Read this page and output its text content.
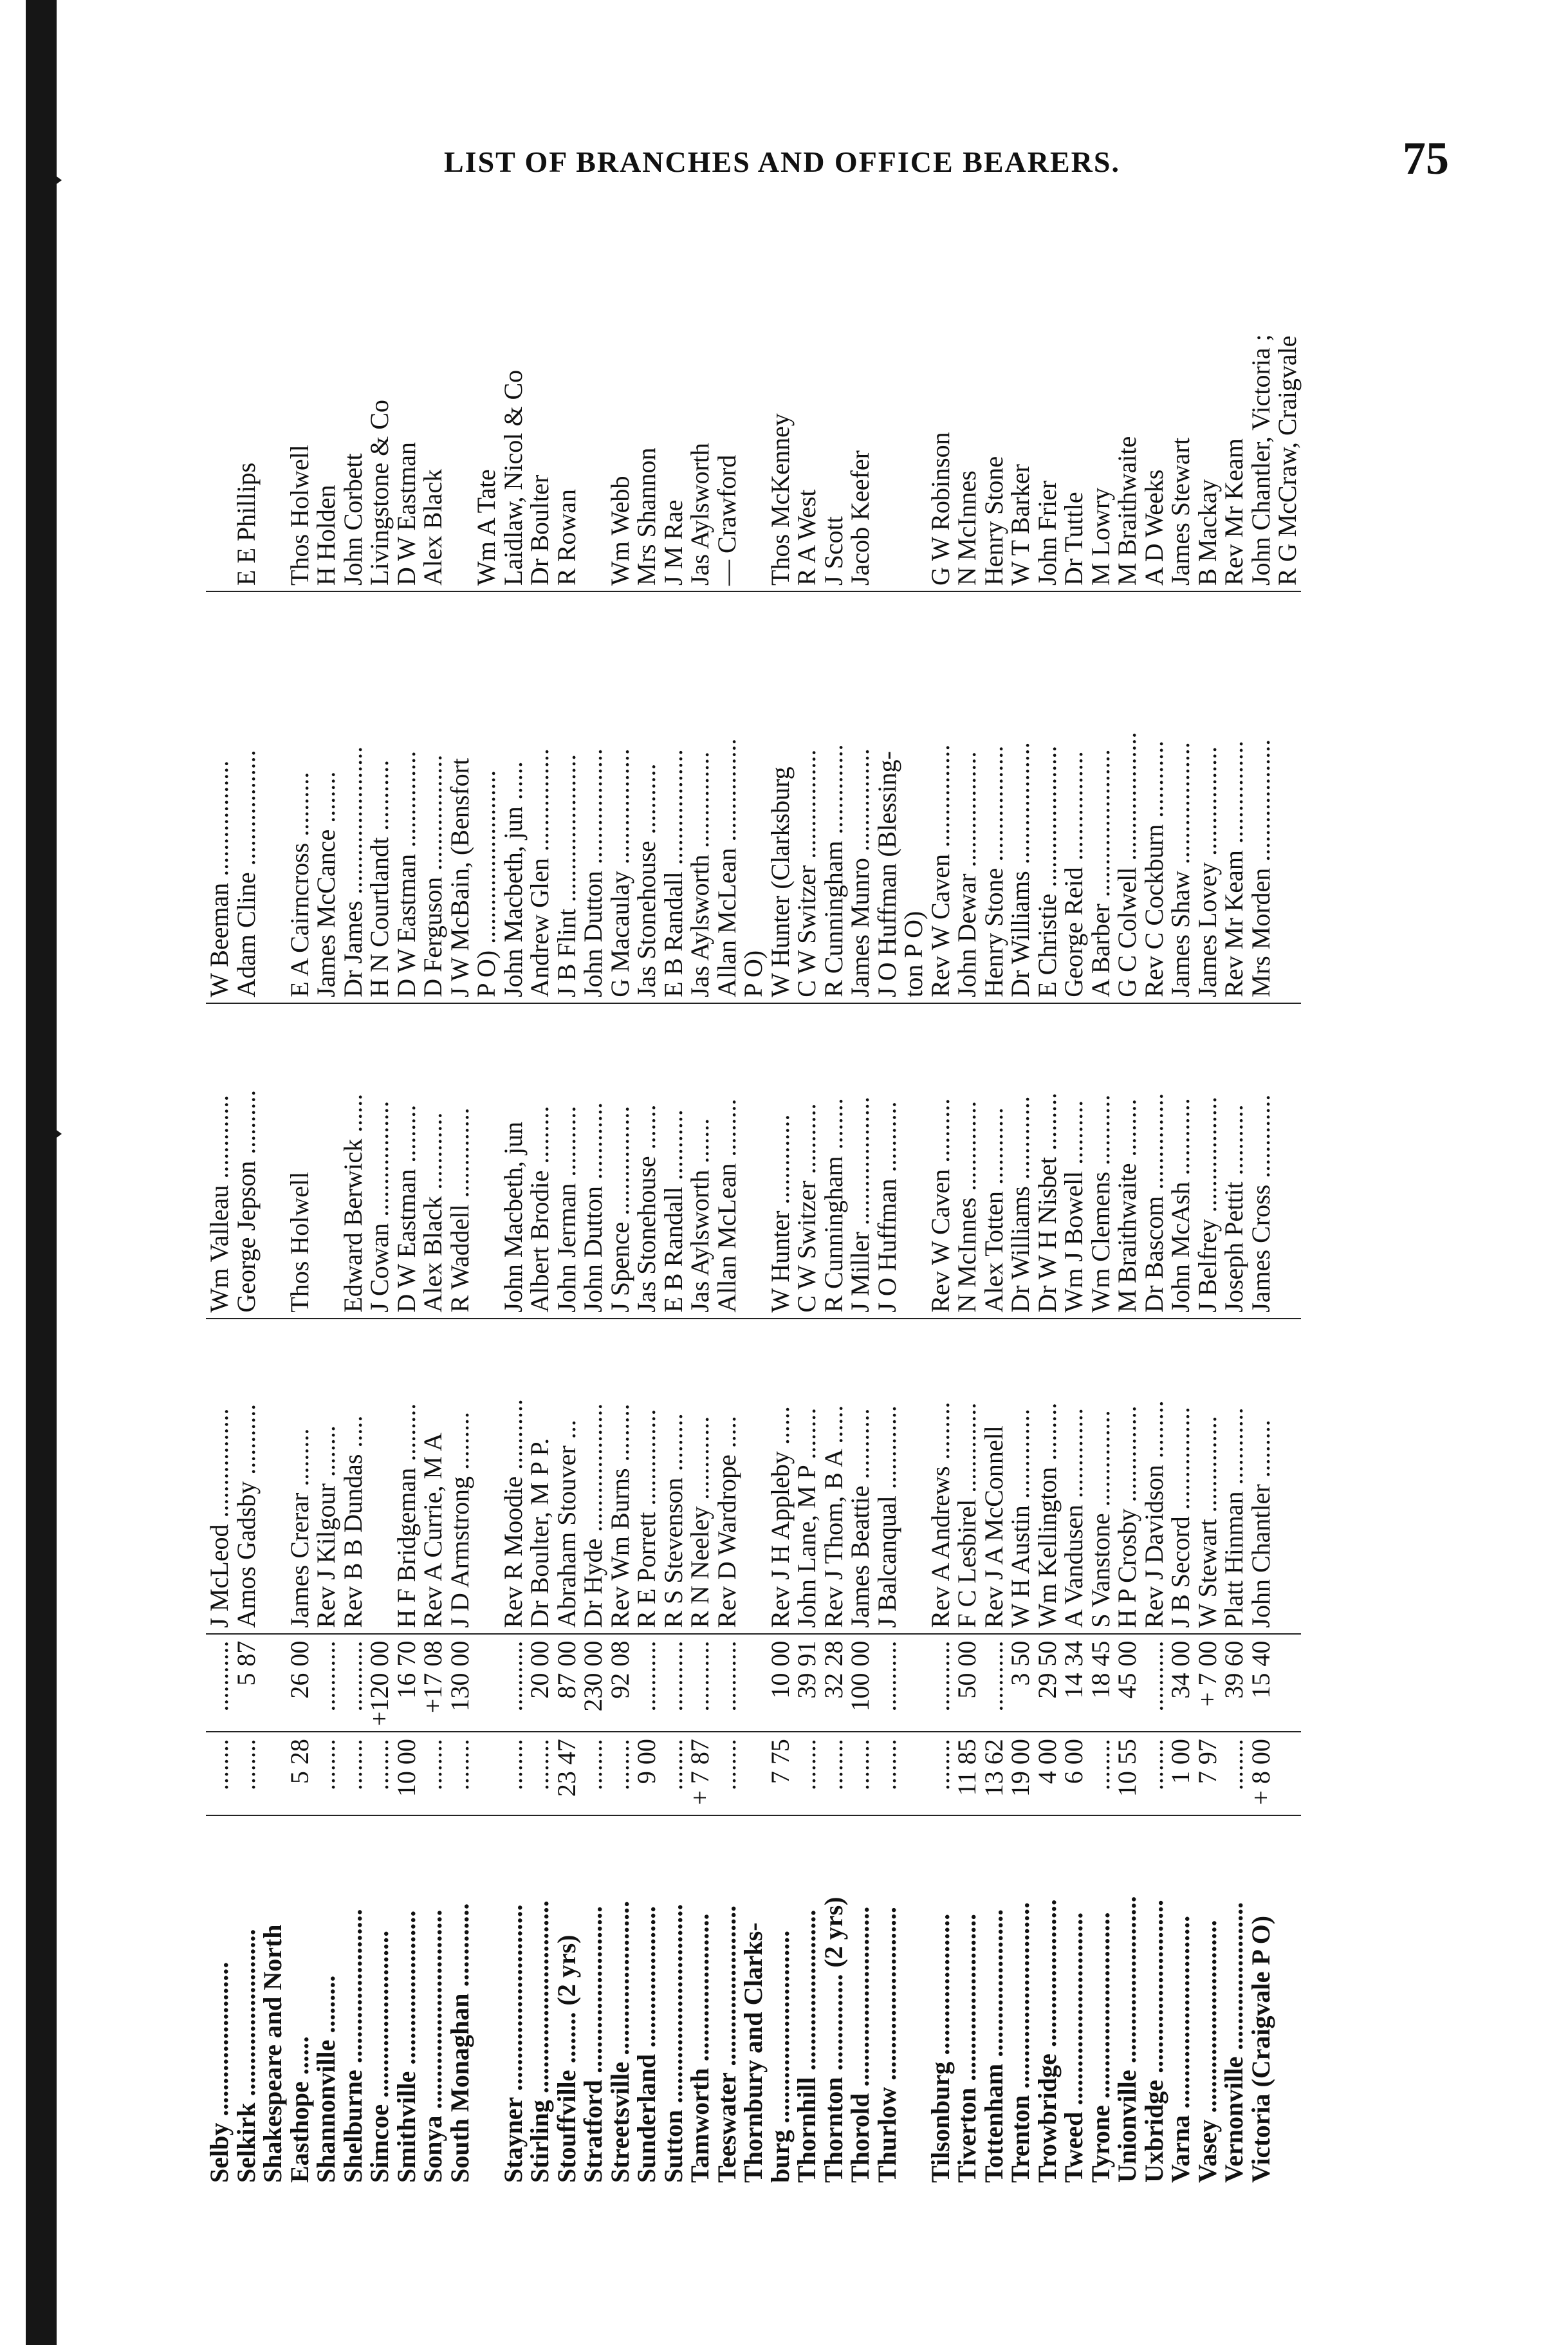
LIST OF BRANCHES AND OFFICE BEARERS.	75
Selby ........................	........	...........	J McLeod .................	Wm Valleau .............	W Beeman ..................	
Selkirk ..........................	........	5 87	Amos Gadsby ...........	George Jepson ..........	Adam Cline ..................	E E Phillips
Shakespeare and North						
Easthope ......	5 28	26 00	James Crerar .........	Thos Holwell	E A Cairncross ..........	Thos Holwell
Shannonville .........	........	...........	Rev J Kilgour ........		James McCance ........	H Holden
Shelburne ........................	........	...........	Rev B B Dundas .....	Edward Berwick ......	Dr James .......................	John Corbett
Simcoe ..........................	........	+120 00		J Cowan ..................	H N Courtlandt ...........	Livingstone & Co
Smithville ........................	10 00	16 70	H F Bridgeman .........	D W Eastman .........	D W Eastman ...............	D W Eastman
Sonya ...............................	........	+17 08	Rev A Currie, M A	Alex Black ............	D Ferguson ..................	Alex Black
South Monaghan .............	........	130 00	J D Armstrong .........	R Waddell ..............	J W McBain, (Bensfort	
					P O) ...........................	Wm A Tate
Stayner .............................	........	...........	Rev R Moodie ...........	John Macbeth, jun	John Macbeth, jun ......	Laidlaw, Nicol & Co
Stirling ..............................	........	20 00	Dr Boulter, M P P.	Albert Brodie .........	Andrew Glen ................	Dr Boulter
Stouffville ........ (2 yrs)	23 47	87 00	Abraham Stouver ...	John Jerman ...........	J B Flint .......................	R Rowan
Stratford ..........................	........	230 00	Dr Hyde ....................	John Dutton ............	John Dutton ..................	
Streetsville ........................	........	92 08	Rev Wm Burns .........	J Spence .................	G Macaulay ..................	Wm Webb
Sunderland ......................	9 00	...........	R E Porrett ...............	Jas Stonehouse .......	Jas Stonehouse ...........	Mrs Shannon
Sutton ...............................	........	...........	R S Stevenson .........	E B Randall ...........	E B Randall ..................	J M Rae
Tamworth .......................	+ 7 87	...........	R N Neeley .............	Jas Aylsworth .......	Jas Aylsworth ...............	Jas Aylsworth
Teeswater .........................	........	...........	Rev D Wardrope .....	Allan McLean .........	Allan McLean ................	— Crawford
Thornbury and Clarks-					P O)	
burg ..............................	7 75	10 00	Rev J H Appleby ......	W Hunter ..............	W Hunter (Clarksburg	Thos McKenney
Thornhill .........................	........	39 91	John Lane, M P ........	C W Switzer ...........	C W Switzer .................	R A West
Thornton ............... (2 yrs)	........	32 28	Rev J Thom, B A ......	R Cunningham ........	R Cunningham ..............	J Scott
Thorold ............................	........	100 00	James Beattie ...........	J Miller ....................	James Munro ................	Jacob Keefer
Thurlow ...........................	........	...........	J Balcanqual .............	J O Huffman ...........	J O Huffman (Blessing-	
					ton P O)	
Tilsonburg ......................	........	...........	Rev A Andrews .........	Rev W Caven ..........	Rev W Caven ................	G W Robinson
Tiverton ..........................	11 85	50 00	F C Lesbirel ..............	N McInnes ..............	John Dewar ..................	N McInnes
Tottenham .......................	13 62	...........	Rev J A McConnell	Alex Totten ............	Henry Stone ..................	Henry Stone
Trenton .............................	19 00	3 50	W H Austin ..............	Dr Williams .............	Dr Williams ...................	W T Barker
Trowbridge .......................	4 00	29 50	Wm Kellington .........	Dr W H Nisbet .........	E Christie ......................	John Frier
Tweed ..............................	6 00	14 34	A Vandusen ..............	Wm J Bowell ..........	George Reid .................	Dr Tuttle
Tyrone .............................	........	18 45	S Vanstone ...............	Wm Clemens ...........	A Barber .......................	M Lowry
Unionville ..........................	10 55	45 00	H P Crosby ...............	M Braithwaite .........	G C Colwell ....................	M Braithwaite
Uxbridge ...........................	........	...........	Rev J Davidson .........	Dr Bascom ...............	Rev C Cockburn ............	A D Weeks
Varna ..............................	1 00	34 00	J B Secord ................	John McAsh ............	James Shaw ...................	James Stewart
Vasey ..............................	7 97	+ 7 00	W Stewart ...............	J Belfrey ..................	James Lovey .................	B Mackay
Vernonville .......................	........	39 60	Platt Hinman ............	Joseph Pettit ...........	Rev Mr Keam ................	Rev Mr Keam
Victoria (Craigvale P O)	+ 8 00	15 40	John Chantler .........	James Cross .............	Mrs Morden ...................	John Chantler, Victoria ;
						R G McCraw, Craigvale
